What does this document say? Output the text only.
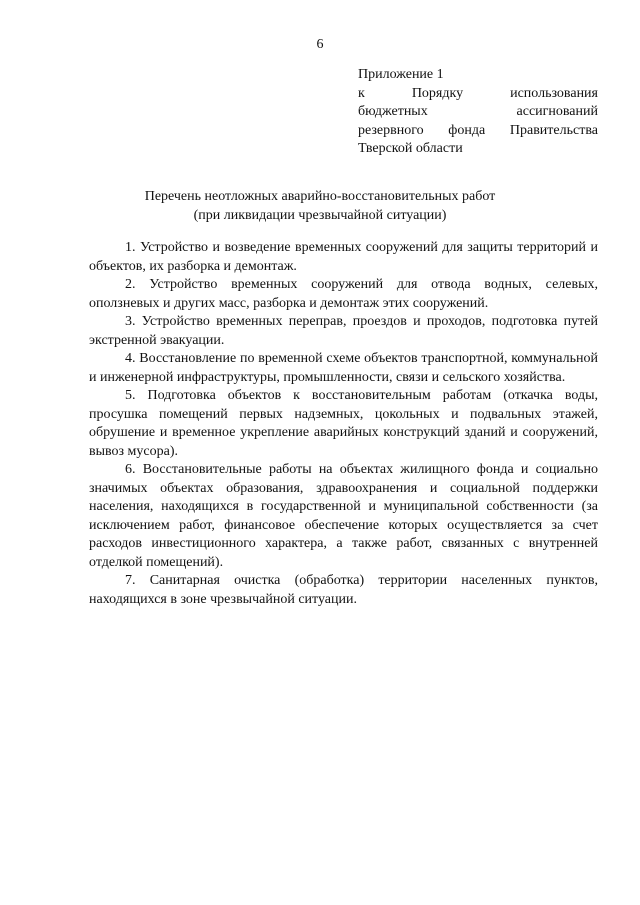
6
Приложение 1
к	Порядку	использования
бюджетных	ассигнований
резервного фонда Правительства
Тверской области
Перечень неотложных аварийно-восстановительных работ
(при ликвидации чрезвычайной ситуации)

1. Устройство и возведение временных сооружений для защиты территорий и объектов, их разборка и демонтаж.

2. Устройство временных сооружений для отвода водных, селевых, оползневых и других масс, разборка и демонтаж этих сооружений.

3. Устройство временных переправ, проездов и проходов, подготовка путей экстренной эвакуации.

4. Восстановление по временной схеме объектов транспортной, коммунальной и инженерной инфраструктуры, промышленности, связи и сельского хозяйства.

5. Подготовка объектов к восстановительным работам (откачка воды, просушка помещений первых надземных, цокольных и подвальных этажей, обрушение и временное укрепление аварийных конструкций зданий и сооружений, вывоз мусора).

6. Восстановительные работы на объектах жилищного фонда и социально значимых объектах образования, здравоохранения и социальной поддержки населения, находящихся в государственной и муниципальной собственности (за исключением работ, финансовое обеспечение которых осуществляется за счет расходов инвестиционного характера, а также работ, связанных с внутренней отделкой помещений).

7. Санитарная очистка (обработка) территории населенных пунктов, находящихся в зоне чрезвычайной ситуации.
